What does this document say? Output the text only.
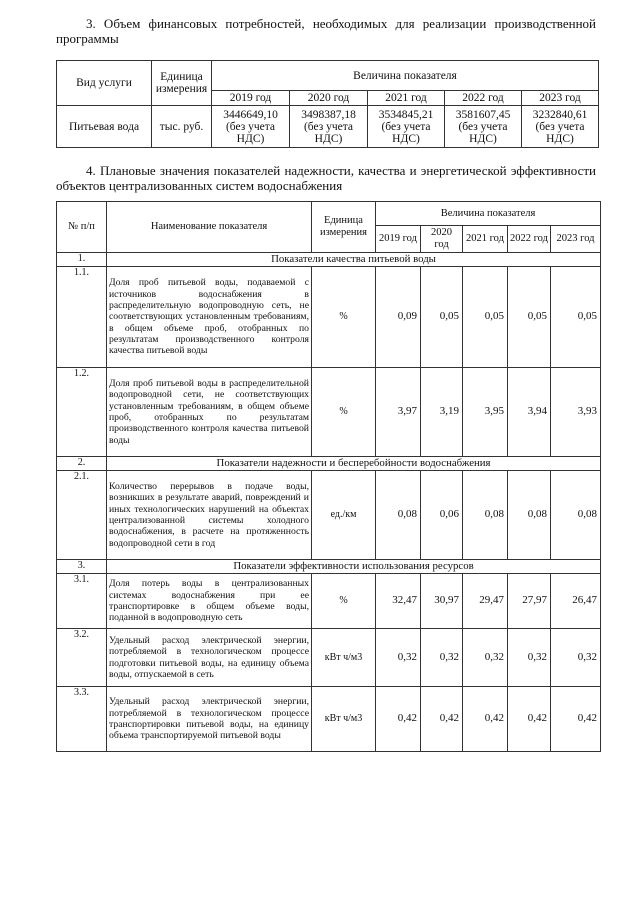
3. Объем финансовых потребностей, необходимых для реализации производственной программы
Вид услуги	Единица измерения	Величина показателя				
		2019 год	2020 год	2021 год	2022 год	2023 год
Питьевая вода	тыс. руб.	3446649,10 (без учета НДС)	3498387,18 (без учета НДС)	3534845,21 (без учета НДС)	3581607,45 (без учета НДС)	3232840,61 (без учета НДС)
4. Плановые значения показателей надежности, качества и энергетической эффективности объектов централизованных систем водоснабжения
№ п/п	Наименование показателя	Единица измерения	Величина показателя				
			2019 год	2020 год	2021 год	2022 год	2023 год
1.	Показатели качества питьевой воды						
1.1.	Доля проб питьевой воды, подаваемой с источников водоснабжения в распределительную водопроводную сеть, не соответствующих установленным требованиям, в общем объеме проб, отобранных по результатам производственного контроля качества питьевой воды	%	0,09	0,05	0,05	0,05	0,05
1.2.	Доля проб питьевой воды в распределительной водопроводной сети, не соответствующих установленным требованиям, в общем объеме проб, отобранных по результатам производственного контроля качества питьевой воды	%	3,97	3,19	3,95	3,94	3,93
2.	Показатели надежности и бесперебойности водоснабжения						
2.1.	Количество перерывов в подаче воды, возникших в результате аварий, повреждений и иных технологических нарушений на объектах централизованной системы холодного водоснабжения, в расчете на протяженность водопроводной сети в год	ед./км	0,08	0,06	0,08	0,08	0,08
3.	Показатели эффективности использования ресурсов						
3.1.	Доля потерь воды в централизованных системах водоснабжения при ее транспортировке в общем объеме воды, поданной в водопроводную сеть	%	32,47	30,97	29,47	27,97	26,47
3.2.	Удельный расход электрической энергии, потребляемой в технологическом процессе подготовки питьевой воды, на единицу объема воды, отпускаемой в сеть	кВт ч/м3	0,32	0,32	0,32	0,32	0,32
3.3.	Удельный расход электрической энергии, потребляемой в технологическом процессе транспортировки питьевой воды, на единицу объема транспортируемой питьевой воды	кВт ч/м3	0,42	0,42	0,42	0,42	0,42
